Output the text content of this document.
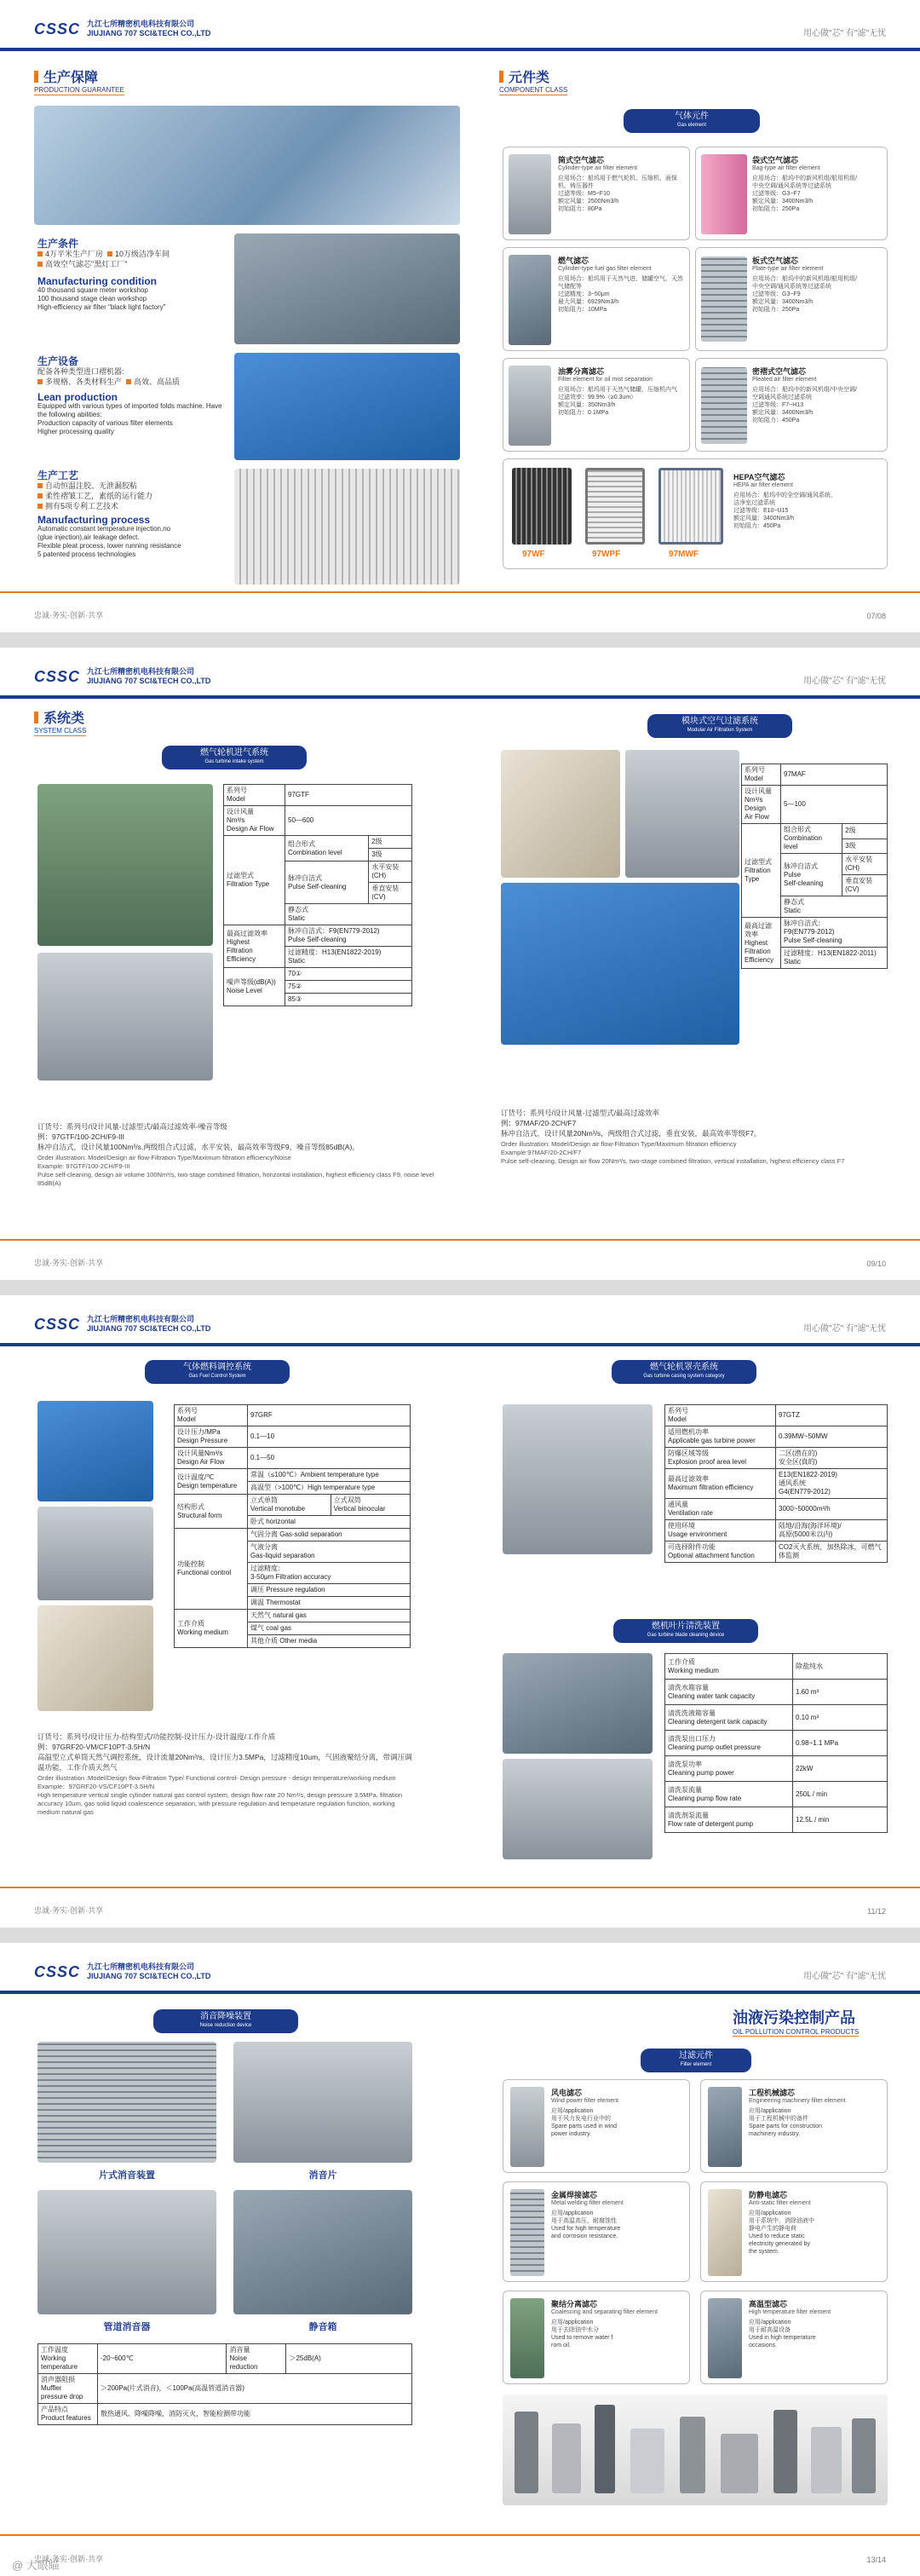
CSSC 九江七所精密机电科技有限公司
JIUJIANG 707 SCI&TECH CO.,LTD	用心做"芯" 有"滤"无忧
生产保障
PRODUCTION GUARANTEE
元件类
COMPONENT CLASS
生产条件
4万平米生产厂房 10万级洁净车间
高效空气滤芯"黑灯工厂"
Manufacturing condition
40 thousand square meter workshop
100 thousand stage clean workshop
High-efficiency air filter "black light factory"
生产设备
配备各种类型进口褶机器:
多规格、各类材料生产 高效、高品质
Lean production
Equipped with various types of imported folds machine. Have the following abilities:
Production capacity of various filter elements
Higher processing quality
生产工艺
自动恒温注胶、无泄漏胶粘
柔性褶皱工艺，素纸的运行能力
拥有5项专利工艺技术
Manufacturing process
Automatic constant temperature injection,no
(glue injection),air leakage defect.
Flexible pleat process, lower running resistance
5 patented process technologies
气体元件
Gas element
筒式空气滤芯
Cylinder-type air filter element
应用场合：船坞用于燃气轮机、压缩机、面保机、铸压器件
过滤等级：M5~F10
额定风量：2500Nm3/h
初始阻力：80Pa
袋式空气滤芯
Bag-type air filter element
应用场合：船坞中的新风机组/船用机组/
中央空调/通风系统等过滤系统
过滤等级：G3~F7
额定风量：3400Nm3/h
初始阻力：250Pa
燃气滤芯
Cylinder-type fuel gas filter element
应用场合：船坞用于天然气进、储罐空气、天然气储配等
过滤精度：3~50μm
最大风量：6929Nm3/h
初始阻力：10MPa
板式空气滤芯
Plate-type air filter element
应用场合：船坞中的新风机组/船用机组/
中央空调/通风系统等过滤系统
过滤等级：G3~F9
额定风量：3400Nm3/h
初始阻力：250Pa
油雾分离滤芯
Filter element for oil mist separation
应用场合：船坞用于天然气储罐、压缩机内气
过滤效率：99.9%（≥0.3um）
额定风量：350Nm3/h
初始阻力：0.1MPa
密褶式空气滤芯
Pleated air filter element
应用场合：船坞中的新风机组/中央空调/
空调通风系统过滤系统
过滤等级：F7~H13
额定风量：3400Nm3/h
初始阻力：450Pa
97WF	97WPF	97MWF
HEPA空气滤芯
HEPA air filter element
应用场合：船坞中的全空调/通风系统，
洁净室过滤系统
过滤等级：E10~U15
额定风量：3400Nm3/h
初始阻力：450Pa
忠诚·务实·创新·共享	07/08
CSSC 九江七所精密机电科技有限公司
JIUJIANG 707 SCI&TECH CO.,LTD	用心做"芯" 有"滤"无忧
系统类
SYSTEM CLASS
燃气轮机进气系统
Gas turbine intake system
模块式空气过滤系统
Modular Air Filtration System
系列号
Model	97GTF	
设计风量
Nm³/s
Design Air Flow	50—600	
过滤型式
Filtration Type	组合形式
Combination level	2级
		3级
	脉冲自洁式
Pulse Self-cleaning	水平安装
(CH)
		垂直安装
(CV)
	静态式
Static	
最高过滤效率
Highest
Filtration
Efficiency	脉冲自洁式：F9(EN779-2012)
Pulse Self-cleaning	
	过滤精度：H13(EN1822-2019)
Static	
噪声等级(dB(A))
Noise Level	70①	
	75②	
	85③	
系列号
Model	97MAF	
设计风量
Nm³/s
Design
Air Flow	5—100	
过滤型式
Filtration
Type	组合形式
Combination
level	2级
		3级
	脉冲自洁式
Pulse
Self-cleaning	水平安装
(CH)
		垂直安装
(CV)
	静态式
Static	
最高过滤效率
Highest
Filtration
Efficiency	脉冲自洁式：
F9(EN779-2012)
Pulse Self-cleaning	
	过滤精度：H13(EN1822-2011)
Static	
订货号：系列号/设计风量-过滤型式/最高过滤效率-噪音等级
例：97GTF/100-2CH/F9-III
脉冲自洁式，设计风量100Nm³/s,两级组合式过滤，水平安装，最高效率等级F9，噪音等级85dB(A)。
Order illustration: Model/Design air flow-Filtration Type/Maximum filtration efficiency/Noise
Example: 97GTF/100-2CH/F9-III
Pulse self-cleaning, design air volume 100Nm³/s, two-stage combined filtration, horizontal installation, highest efficiency class F9, noise level 85dB(A)
订货号：系列号/设计风量-过滤型式/最高过滤效率
例：97MAF/20-2CH/F7
脉冲自洁式，设计风量20Nm³/s，两级组合式过滤，垂直安装，最高效率等级F7。
Order illustration: Model/Design air flow-Filtration Type/Maximum filtration efficiency
Example:97MAF/20-2CH/F7
Pulse self-cleaning, Design air flow 20Nm³/s, two-stage combined filtration, vertical installation, highest efficiency class F7
忠诚·务实·创新·共享	09/10
CSSC 九江七所精密机电科技有限公司
JIUJIANG 707 SCI&TECH CO.,LTD	用心做"芯" 有"滤"无忧
气体燃料调控系统
Gas Fuel Control System
燃气轮机罩壳系统
Gas turbine casing system category
系列号
Model	97GRF	
设计压力/MPa
Design Pressure	0.1—10	
设计风量Nm³/s
Design Air Flow	0.1—50	
设计温度/℃
Design temperature	常温（≤100℃）Ambient temperature type	
	高温型（>100℃）High temperature type	
结构形式
Structural form	立式单筒
Vertical monotube	立式双筒
Vertical binocular
	卧式 horizontal	
功能控制
Functional control	气固分离 Gas-solid separation	
	气液分离
Gas-liquid separation	
	过滤精度：
3-50μm Filtration accuracy	
	调压 Pressure regulation	
	调温 Thermostat	
工作介质
Working medium	天然气 natural gas	
	煤气 coal gas	
	其他介质 Other media	
订货号：系列号/设计压力-结构型式/功能控制-设计压力-设计温度/工作介质
例：97GRF20-VM/CF10PT-3.5H/N
高温型立式单筒天然气调控系统，设计流量20Nm³/s，设计压力3.5MPa，过滤精度10um，气固液聚结分离，带调压调温功能，工作介质天然气
Order illustration :Model/Design flow-Filtration Type/ Functional control- Design pressure - design temperature/working medium
Example：97GRF20-VS/CF10PT-3.5H/N
High temperature vertical single cylinder natural gas control system, design flow rate 20 Nm³/s, design pressure 3.5MPa, filtration accuracy 10um, gas solid liquid coalescence separation, with pressure regulation and temperature regulation function, working medium natural gas
系列号
Model	97GTZ
适用燃机功率
Applicable gas turbine power	0.39MW~50MW
防爆区域等级
Explosion proof area level	二区(潜在的)
安全区(真的)
最高过滤效率
Maximum filtration efficiency	E13(EN1822-2019)
通风系统
G4(EN779-2012)
通风量
Ventilation rate	3000~50000m³/h
使用环境
Usage environment	陆地/沿海(海洋环境)/
高原(5000米以内)
可选择附件功能
Optional attachment function	CO2灭火系统，加热除冰，可燃气体监测
燃机叶片清洗装置
Gas turbine blade cleaning device
工作介质
Working medium	除盐纯水
清洗水箱容量
Cleaning water tank capacity	1.60 m³
清洗洗液箱容量
Cleaning detergent tank capacity	0.10 m³
清洗泵出口压力
Cleaning pump outlet pressure	0.98~1.1 MPa
清洗泵功率
Cleaning pump power	22kW
清洗泵流量
Cleaning pump flow rate	250L / min
清洗剂泵流量
Flow rate of detergent pump	12.5L / min
忠诚·务实·创新·共享	11/12
CSSC 九江七所精密机电科技有限公司
JIUJIANG 707 SCI&TECH CO.,LTD	用心做"芯" 有"滤"无忧
消音降噪装置
Noise reduction device
片式消音装置	消音片
管道消音器	静音箱
工作温度
Working
temperature	-20~600℃	消音量
Noise
reduction	＞25dB(A)
消声器阻损
Muffler
pressure drop	＞200Pa(片式消音)，＜100Pa(高温管道消音器)		
产品特点
Product features	散热通风、降噪降噪、消防灭火，智能检测带功能		
油液污染控制产品
OIL POLLUTION CONTROL PRODUCTS
过滤元件
Filter element
风电滤芯
Wind power filter element
应用/application
用于风力发电行业中的
Spare parts used in wind
power industry.
工程机械滤芯
Engineering machinery filter element
应用/application
用于工程机械中的备件
Spare parts for construction
machinery industry.
金属焊接滤芯
Metal welding filter element
应用/application
用于高温高压，耐腐蚀性
Used for high temperature
and corrosion resistance.
防静电滤芯
Anti-static filter element
应用/application
用于系统中，消除油液中
静电产生的静电荷
Used to reduce static
electricity generated by
the system.
聚结分离滤芯
Coalescing and separating filter element
应用/application
用于去除油中水分
Used to remove water f
rom oil.
高温型滤芯
High temperature filter element
应用/application
用于耐高温设备
Used in high temperature
occasions.
忠诚·务实·创新·共享	13/14
@ 大眼瞄
